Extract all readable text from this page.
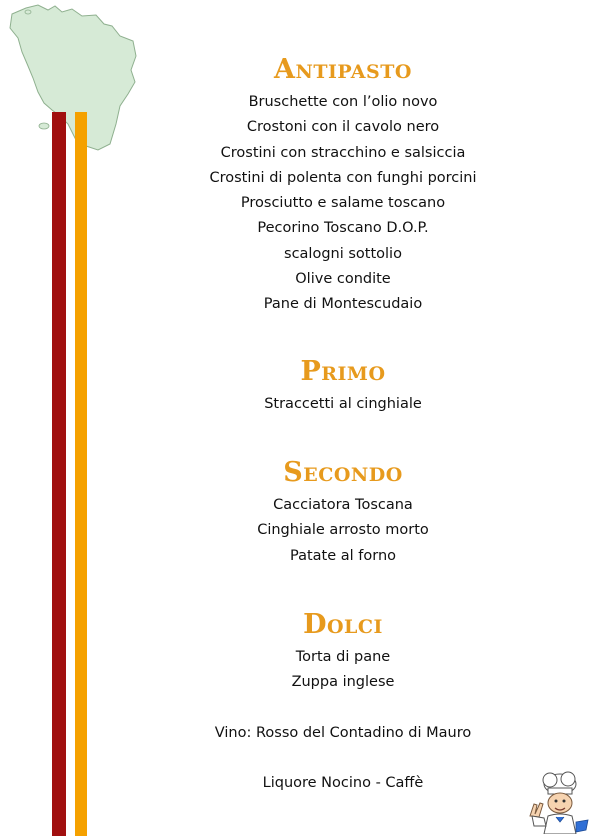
Antipasto
Bruschette con l’olio novo
Crostoni con il cavolo nero
Crostini con stracchino e salsiccia
Crostini di polenta con funghi porcini
Prosciutto e salame toscano
Pecorino Toscano D.O.P.
scalogni sottolio
Olive condite
Pane di Montescudaio
Primo
Straccetti al cinghiale
Secondo
Cacciatora Toscana
Cinghiale arrosto morto
Patate al forno
Dolci
Torta di pane
Zuppa inglese

Vino: Rosso del Contadino di Mauro

Liquore Nocino - Caffè
